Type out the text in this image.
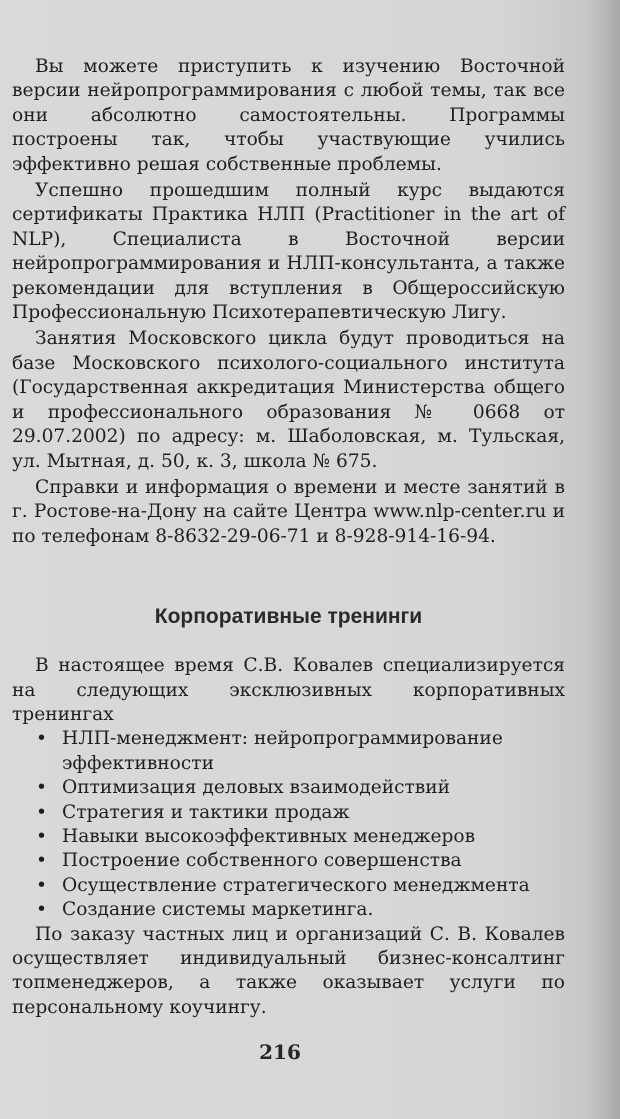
Вы можете приступить к изучению Восточной версии нейропрограммирования с любой темы, так все они абсолютно самостоятельны. Программы построены так, чтобы участвующие учились эффективно решая собственные проблемы.

Успешно прошедшим полный курс выдаются сертификаты Практика НЛП (Practitioner in the art of NLP), Специалиста в Восточной версии нейропрограммирования и НЛП-консультанта, а также рекомендации для вступления в Общероссийскую Профессиональную Психотерапевтическую Лигу.

Занятия Московского цикла будут проводиться на базе Московского психолого-социального института (Государственная аккредитация Министерства общего и профессионального образования № 0668 от 29.07.2002) по адресу: м. Шаболовская, м. Тульская, ул. Мытная, д. 50, к. 3, школа № 675.

Справки и информация о времени и месте занятий в г. Ростове-на-Дону на сайте Центра www.nlp-center.ru и по телефонам 8-8632-29-06-71 и 8-928-914-16-94.

Корпоративные тренинги

В настоящее время С.В. Ковалев специализируется на следующих эксклюзивных корпоративных тренингах

• НЛП-менеджмент: нейропрограммирование эффективности
• Оптимизация деловых взаимодействий
• Стратегия и тактики продаж
• Навыки высокоэффективных менеджеров
• Построение собственного совершенства
• Осуществление стратегического менеджмента
• Создание системы маркетинга.

По заказу частных лиц и организаций С. В. Ковалев осуществляет индивидуальный бизнес-консалтинг топменеджеров, а также оказывает услуги по персональному коучингу.

216
